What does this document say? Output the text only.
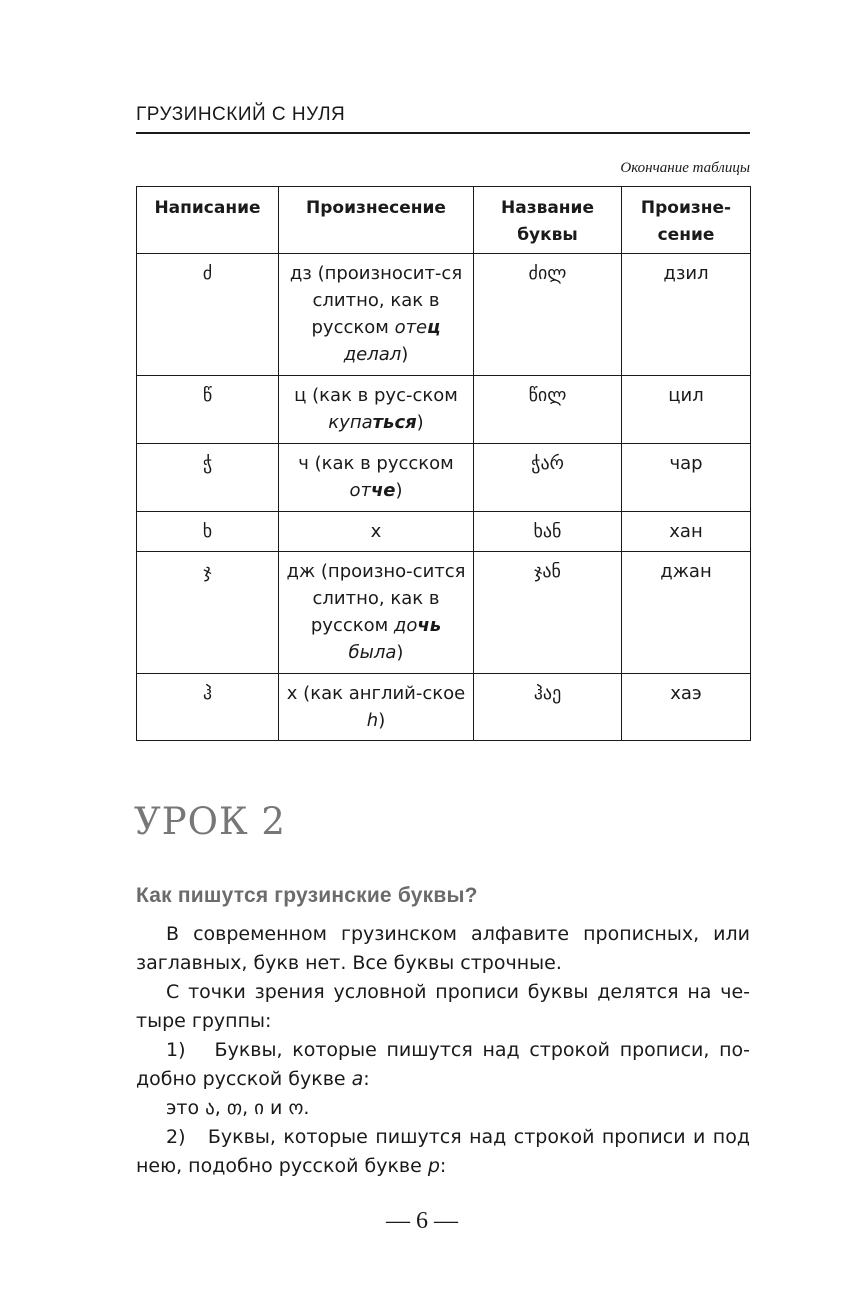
ГРУЗИНСКИЙ С НУЛЯ
Окончание таблицы
Написание	Произнесение	Название буквы	Произне-сение
ძ	дз (произносит-ся слитно, как в русском отец делал)	ძილ	дзил
წ	ц (как в рус-ском купаться)	წილ	цил
ჭ	ч (как в русском отче)	ჭარ	чар
ხ	х	ხან	хан
ჯ	дж (произно-сится слитно, как в русском дочь была)	ჯან	джан
ჰ	х (как англий-ское h)	ჰაე	хаэ
УРОК 2
Как пишутся грузинские буквы?

В современном грузинском алфавите прописных, или заглавных, букв нет. Все буквы строчные.

С точки зрения условной прописи буквы делятся на че-тыре группы:

1)   Буквы, которые пишутся над строкой прописи, по-добно русской букве а:

это ა, თ, ი и ო.

2)   Буквы, которые пишутся над строкой прописи и под нею, подобно русской букве р:

— 6 —
